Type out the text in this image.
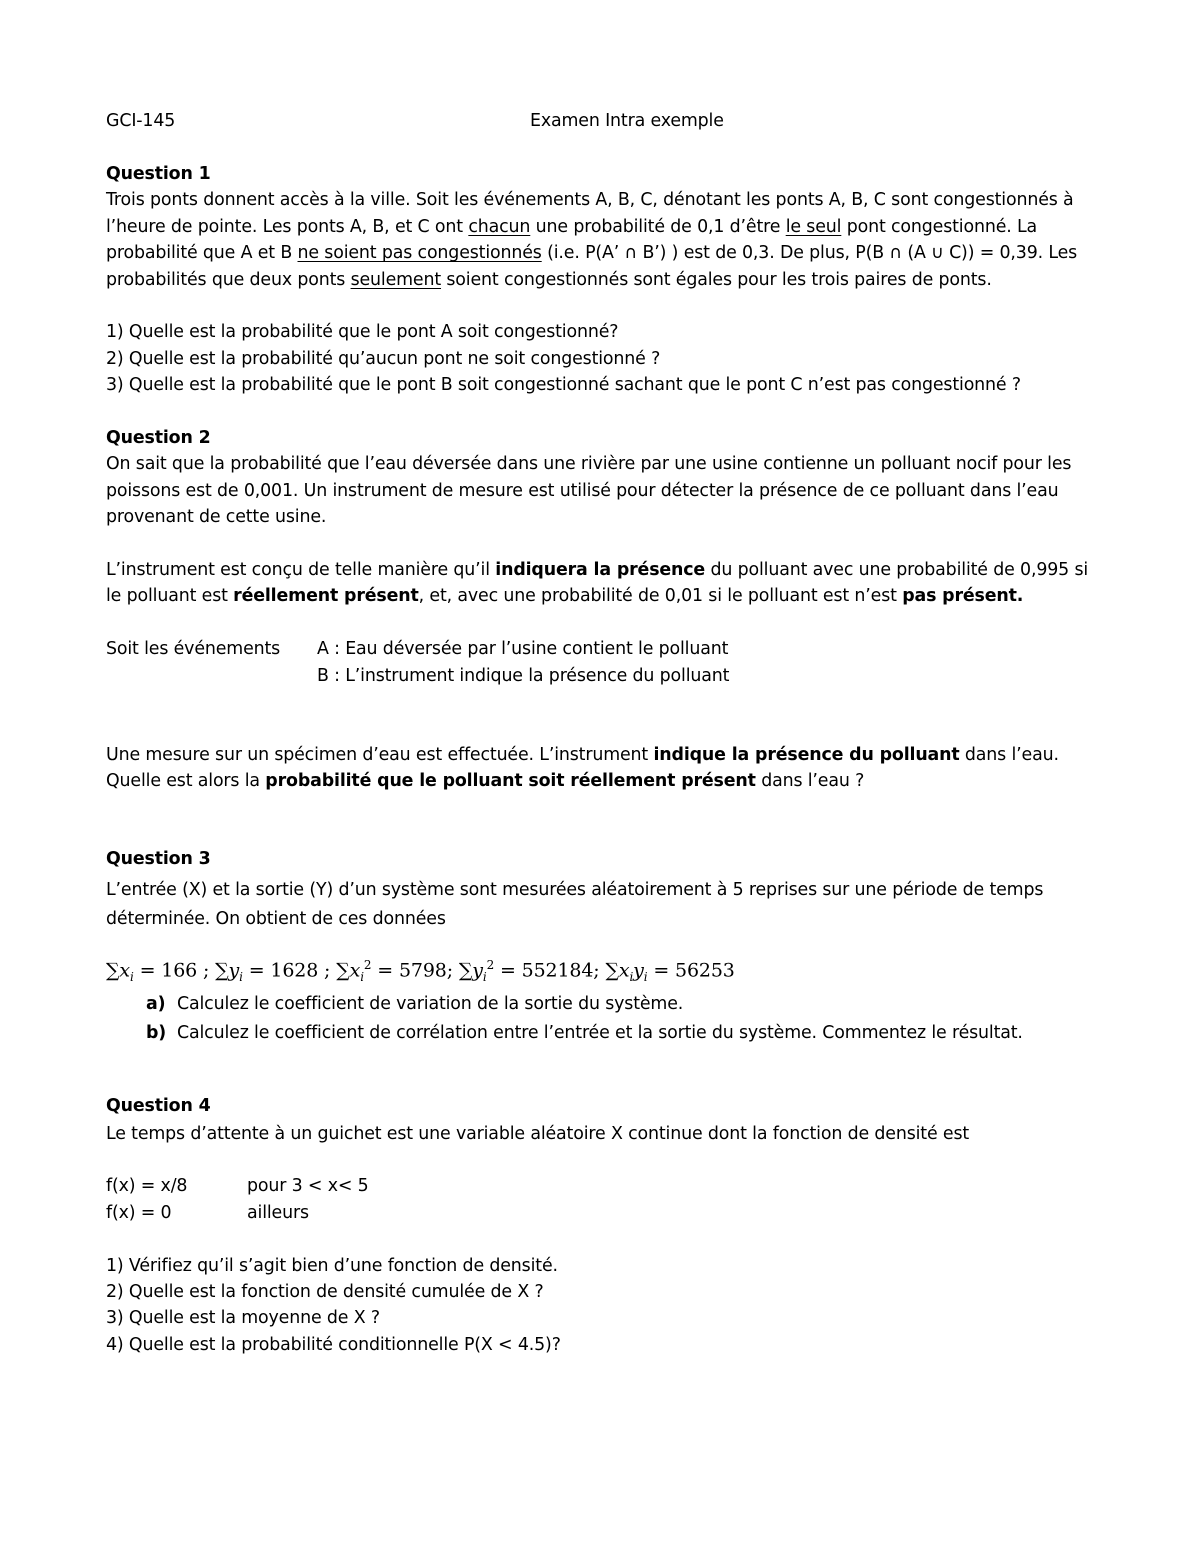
GCI-145	Examen Intra exemple

Question 1

Trois ponts donnent accès à la ville. Soit les événements A, B, C, dénotant les ponts A, B, C sont congestionnés à

l’heure de pointe. Les ponts A, B, et C ont chacun une probabilité de 0,1 d’être le seul pont congestionné. La

probabilité que A et B ne soient pas congestionnés (i.e. P(A’ ∩ B’) ) est de 0,3. De plus, P(B ∩ (A ∪ C)) = 0,39. Les

probabilités que deux ponts seulement soient congestionnés sont égales pour les trois paires de ponts.

1) Quelle est la probabilité que le pont A soit congestionné?

2) Quelle est la probabilité qu’aucun pont ne soit congestionné ?

3) Quelle est la probabilité que le pont B soit congestionné sachant que le pont C n’est pas congestionné ?

Question 2

On sait que la probabilité que l’eau déversée dans une rivière par une usine contienne un polluant nocif pour les

poissons est de 0,001. Un instrument de mesure est utilisé pour détecter la présence de ce polluant dans l’eau

provenant de cette usine.

L’instrument est conçu de telle manière qu’il indiquera la présence du polluant avec une probabilité de 0,995 si

le polluant est réellement présent, et, avec une probabilité de 0,01 si le polluant est n’est pas présent.

Soit les événements A : Eau déversée par l’usine contient le polluant
B : L’instrument indique la présence du polluant

Une mesure sur un spécimen d’eau est effectuée. L’instrument indique la présence du polluant dans l’eau.

Quelle est alors la probabilité que le polluant soit réellement présent dans l’eau ?

Question 3

L’entrée (X) et la sortie (Y) d’un système sont mesurées aléatoirement à 5 reprises sur une période de temps

déterminée. On obtient de ces données

$\sum x_i = 166$ ; $\sum y_i = 1628$ ; $\sum x_i^2 = 5798$; $\sum y_i^2 = 552184$; $\sum x_iy_i = 56253$
a) Calculez le coefficient de variation de la sortie du système.
b) Calculez le coefficient de corrélation entre l’entrée et la sortie du système. Commentez le résultat.

Question 4

Le temps d’attente à un guichet est une variable aléatoire X continue dont la fonction de densité est

f(x) = x/8	pour 3 < x< 5
f(x) = 0	ailleurs

1) Vérifiez qu’il s’agit bien d’une fonction de densité.

2) Quelle est la fonction de densité cumulée de X ?

3) Quelle est la moyenne de X ?

4) Quelle est la probabilité conditionnelle P(X < 4.5)?
